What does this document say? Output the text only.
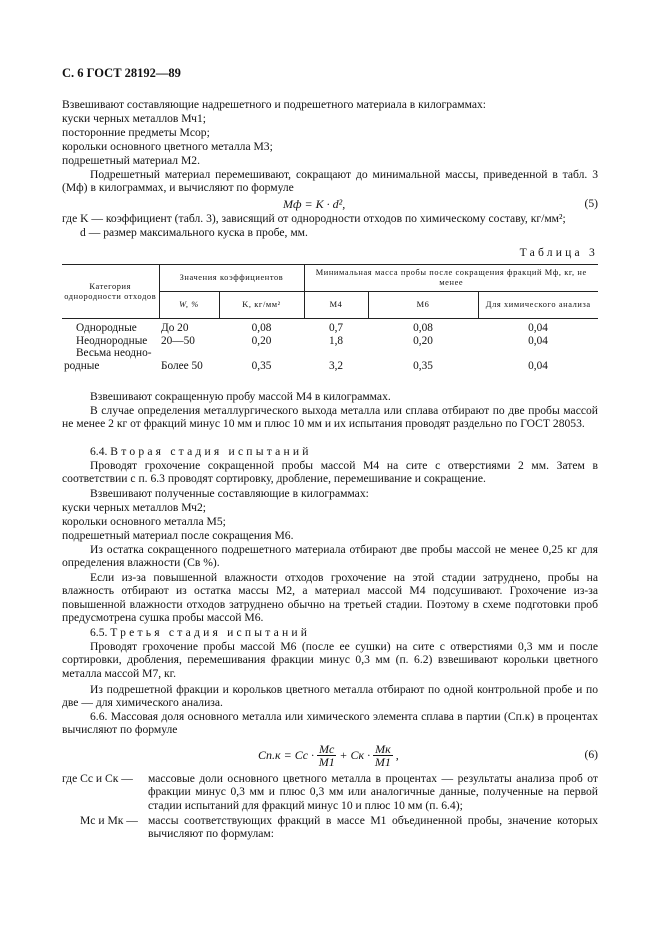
С. 6 ГОСТ 28192—89
Взвешивают составляющие надрешетного и подрешетного материала в килограммах:
куски черных металлов Мч1;
посторонние предметы Мсор;
корольки основного цветного металла М3;
подрешетный материал М2.
Подрешетный материал перемешивают, сокращают до минимальной массы, приведенной в табл. 3 (Mф) в килограммах, и вычисляют по формуле
Mф = K · d²,	(5)
где K — коэффициент (табл. 3), зависящий от однородности отходов по химическому составу, кг/мм²;
d — размер максимального куска в пробе, мм.
Таблица 3
Категория однородности отходов	Значения коэффициентов		Минимальная масса пробы после сокращения фракций Mф, кг, не менее		
	W, %	K, кг/мм²	М4	М6	Для химического анализа
Однородные	До 20	0,08	0,7	0,08	0,04
Неоднородные	20—50	0,20	1,8	0,20	0,04
Весьма неодно-					
родные	Более 50	0,35	3,2	0,35	0,04
Взвешивают сокращенную пробу массой М4 в килограммах.
В случае определения металлургического выхода металла или сплава отбирают по две пробы массой не менее 2 кг от фракций минус 10 мм и плюс 10 мм и их испытания проводят раздельно по ГОСТ 28053.
6.4. Вторая стадия испытаний
Проводят грохочение сокращенной пробы массой М4 на сите с отверстиями 2 мм. Затем в соответствии с п. 6.3 проводят сортировку, дробление, перемешивание и сокращение.
Взвешивают полученные составляющие в килограммах:
куски черных металлов Мч2;
корольки основного металла М5;
подрешетный материал после сокращения М6.
Из остатка сокращенного подрешетного материала отбирают две пробы массой не менее 0,25 кг для определения влажности (Cв %).
Если из-за повышенной влажности отходов грохочение на этой стадии затруднено, пробы на влажность отбирают из остатка массы М2, а материал массой М4 подсушивают. Грохочение из-за повышенной влажности отходов затруднено обычно на третьей стадии. Поэтому в схеме подготовки проб предусмотрена сушка пробы массой М6.
6.5. Третья стадия испытаний
Проводят грохочение пробы массой М6 (после ее сушки) на сите с отверстиями 0,3 мм и после сортировки, дробления, перемешивания фракции минус 0,3 мм (п. 6.2) взвешивают корольки цветного металла массой М7, кг.
Из подрешетной фракции и корольков цветного металла отбирают по одной контрольной пробе и по две — для химического анализа.
6.6. Массовая доля основного металла или химического элемента сплава в партии (Cп.к) в процентах вычисляют по формуле
Cп.к = Cс · $\frac{Mс}{M1}$ + Cк · $\frac{Mк}{M1}$ ,	(6)
где Cс и Cк — массовые доли основного цветного металла в процентах — результаты анализа проб от фракции минус 0,3 мм и плюс 0,3 мм или аналогичные данные, полученные на первой стадии испытаний для фракций минус 10 и плюс 10 мм (п. 6.4);
Mс и Mк — массы соответствующих фракций в массе М1 объединенной пробы, значение которых вычисляют по формулам:
